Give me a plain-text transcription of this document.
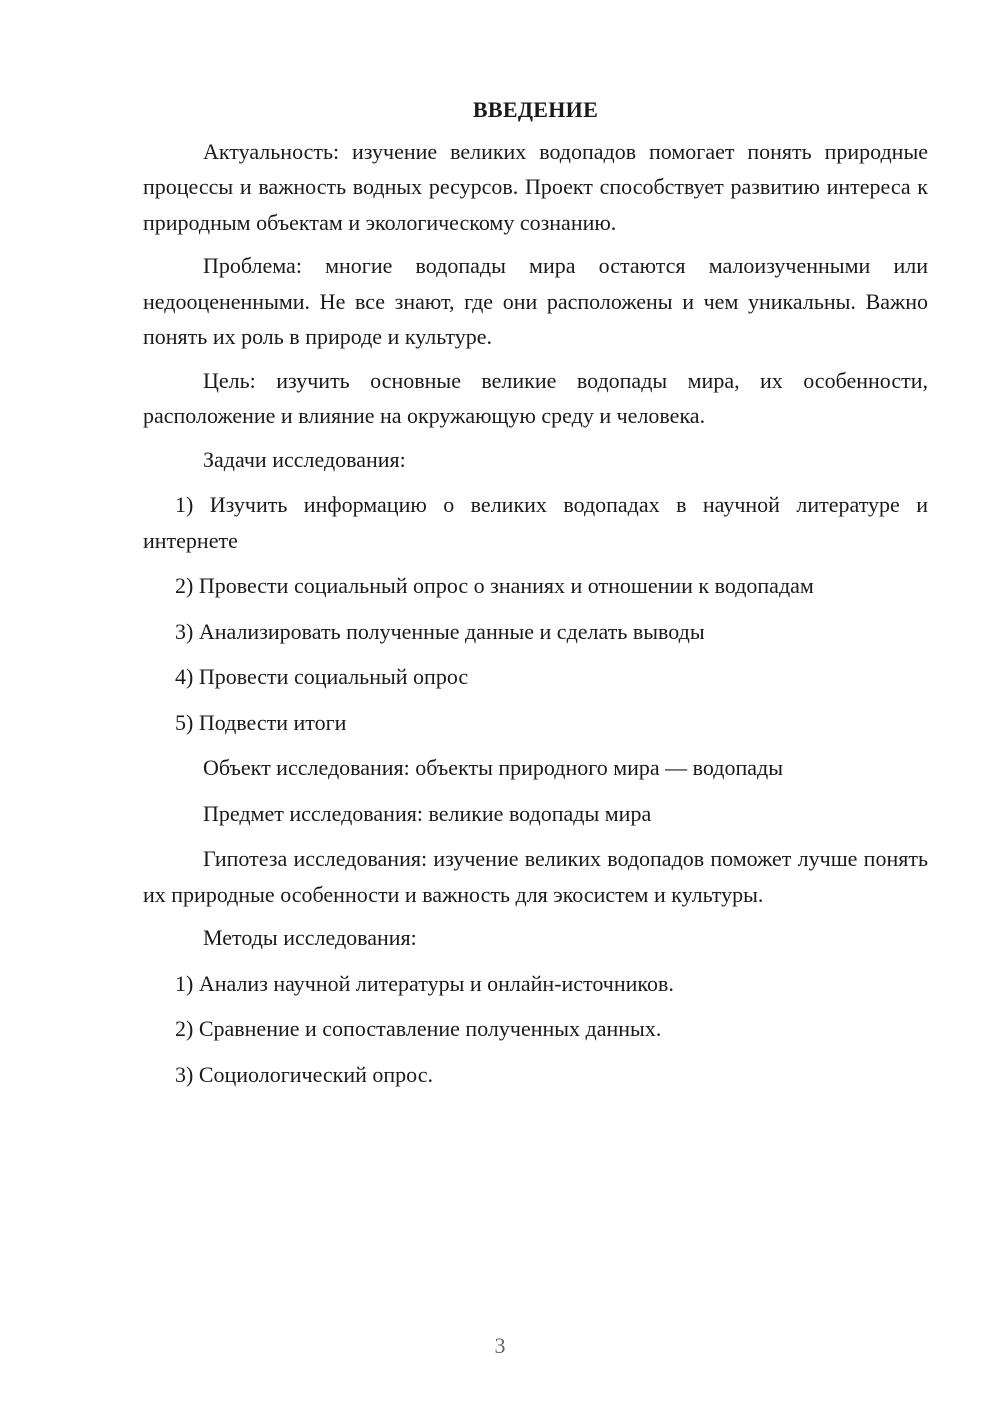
ВВЕДЕНИЕ

Актуальность: изучение великих водопадов помогает понять природные процессы и важность водных ресурсов. Проект способствует развитию интереса к природным объектам и экологическому сознанию.

Проблема: многие водопады мира остаются малоизученными или недооцененными. Не все знают, где они расположены и чем уникальны. Важно понять их роль в природе и культуре.

Цель: изучить основные великие водопады мира, их особенности, расположение и влияние на окружающую среду и человека.

Задачи исследования:

1) Изучить информацию о великих водопадах в научной литературе и интернете

2) Провести социальный опрос о знаниях и отношении к водопадам
3) Анализировать полученные данные и сделать выводы
4) Провести социальный опрос
5) Подвести итоги
Объект исследования: объекты природного мира — водопады
Предмет исследования: великие водопады мира

Гипотеза исследования: изучение великих водопадов поможет лучше понять их природные особенности и важность для экосистем и культуры.

Методы исследования:
1) Анализ научной литературы и онлайн-источников.
2) Сравнение и сопоставление полученных данных.
3) Социологический опрос.
3
